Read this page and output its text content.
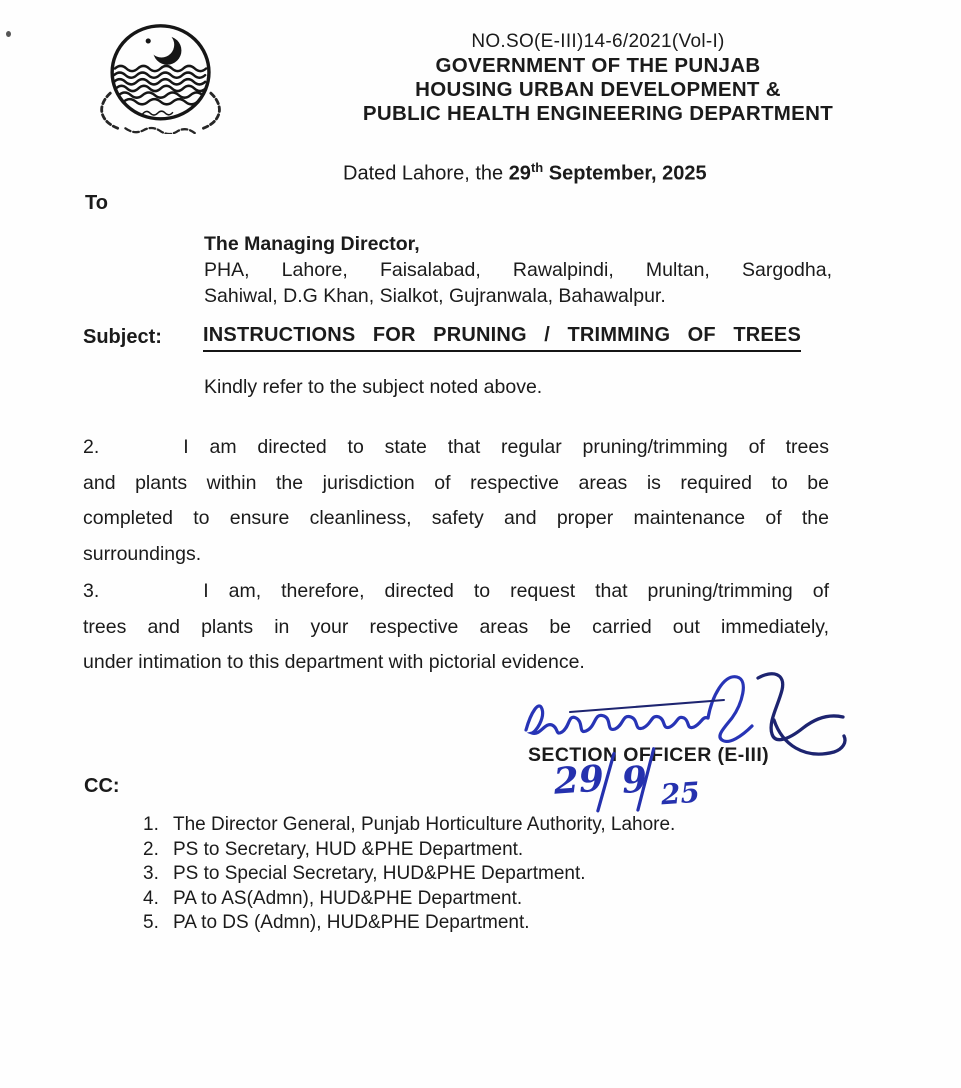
NO.SO(E-III)14-6/2021(Vol-I)
GOVERNMENT OF THE PUNJAB
HOUSING URBAN DEVELOPMENT &
PUBLIC HEALTH ENGINEERING DEPARTMENT
Dated Lahore, the 29th September, 2025
To
The Managing Director,
PHA, Lahore, Faisalabad, Rawalpindi, Multan, Sargodha,
Sahiwal, D.G Khan, Sialkot, Gujranwala, Bahawalpur.
Subject: INSTRUCTIONS FOR PRUNING / TRIMMING OF TREES
Kindly refer to the subject noted above.
2.	I am directed to state that regular pruning/trimming of trees
and plants within the jurisdiction of respective areas is required to be
completed to ensure cleanliness, safety and proper maintenance of the
surroundings.
3.	I am, therefore, directed to request that pruning/trimming of
trees and plants in your respective areas be carried out immediately,
under intimation to this department with pictorial evidence.
SECTION OFFICER (E-III)
29 9 25
CC:
1. The Director General, Punjab Horticulture Authority, Lahore.
2. PS to Secretary, HUD &PHE Department.
3. PS to Special Secretary, HUD&PHE Department.
4. PA to AS(Admn), HUD&PHE Department.
5. PA to DS (Admn), HUD&PHE Department.
